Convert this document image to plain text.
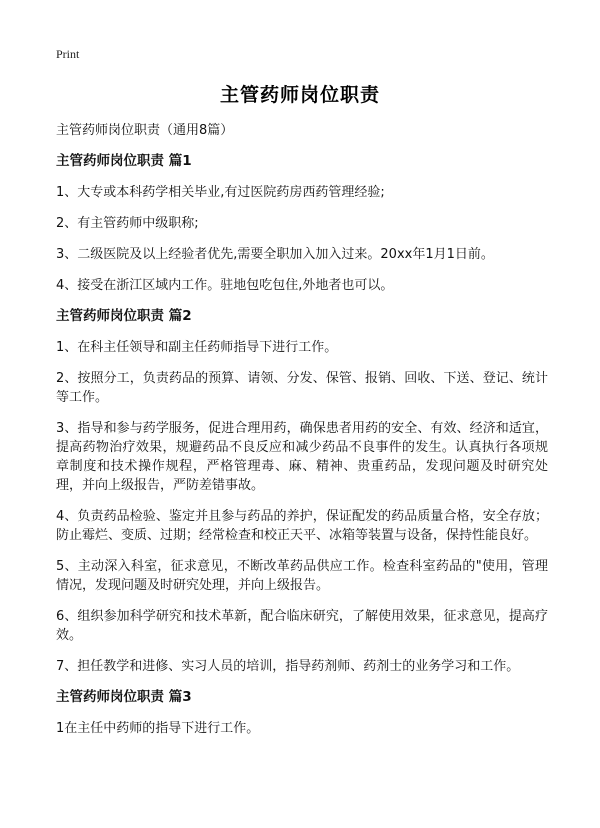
Print
主管药师岗位职责

主管药师岗位职责（通用8篇）

主管药师岗位职责 篇1

1、大专或本科药学相关毕业,有过医院药房西药管理经验;

2、有主管药师中级职称;

3、二级医院及以上经验者优先,需要全职加入加入过来。20xx年1月1日前。

4、接受在浙江区域内工作。驻地包吃包住,外地者也可以。

主管药师岗位职责 篇2

1、在科主任领导和副主任药师指导下进行工作。

2、按照分工，负责药品的预算、请领、分发、保管、报销、回收、下送、登记、统计等工作。

3、指导和参与药学服务，促进合理用药，确保患者用药的安全、有效、经济和适宜，提高药物治疗效果，规避药品不良反应和减少药品不良事件的发生。认真执行各项规章制度和技术操作规程，严格管理毒、麻、精神、贵重药品，发现问题及时研究处理，并向上级报告，严防差错事故。

4、负责药品检验、鉴定并且参与药品的养护，保证配发的药品质量合格，安全存放；防止霉烂、变质、过期；经常检查和校正天平、冰箱等装置与设备，保持性能良好。

5、主动深入科室，征求意见，不断改革药品供应工作。检查科室药品的"使用，管理情况，发现问题及时研究处理，并向上级报告。

6、组织参加科学研究和技术革新，配合临床研究，了解使用效果，征求意见，提高疗效。

7、担任教学和进修、实习人员的培训，指导药剂师、药剂士的业务学习和工作。

主管药师岗位职责 篇3

1在主任中药师的指导下进行工作。
